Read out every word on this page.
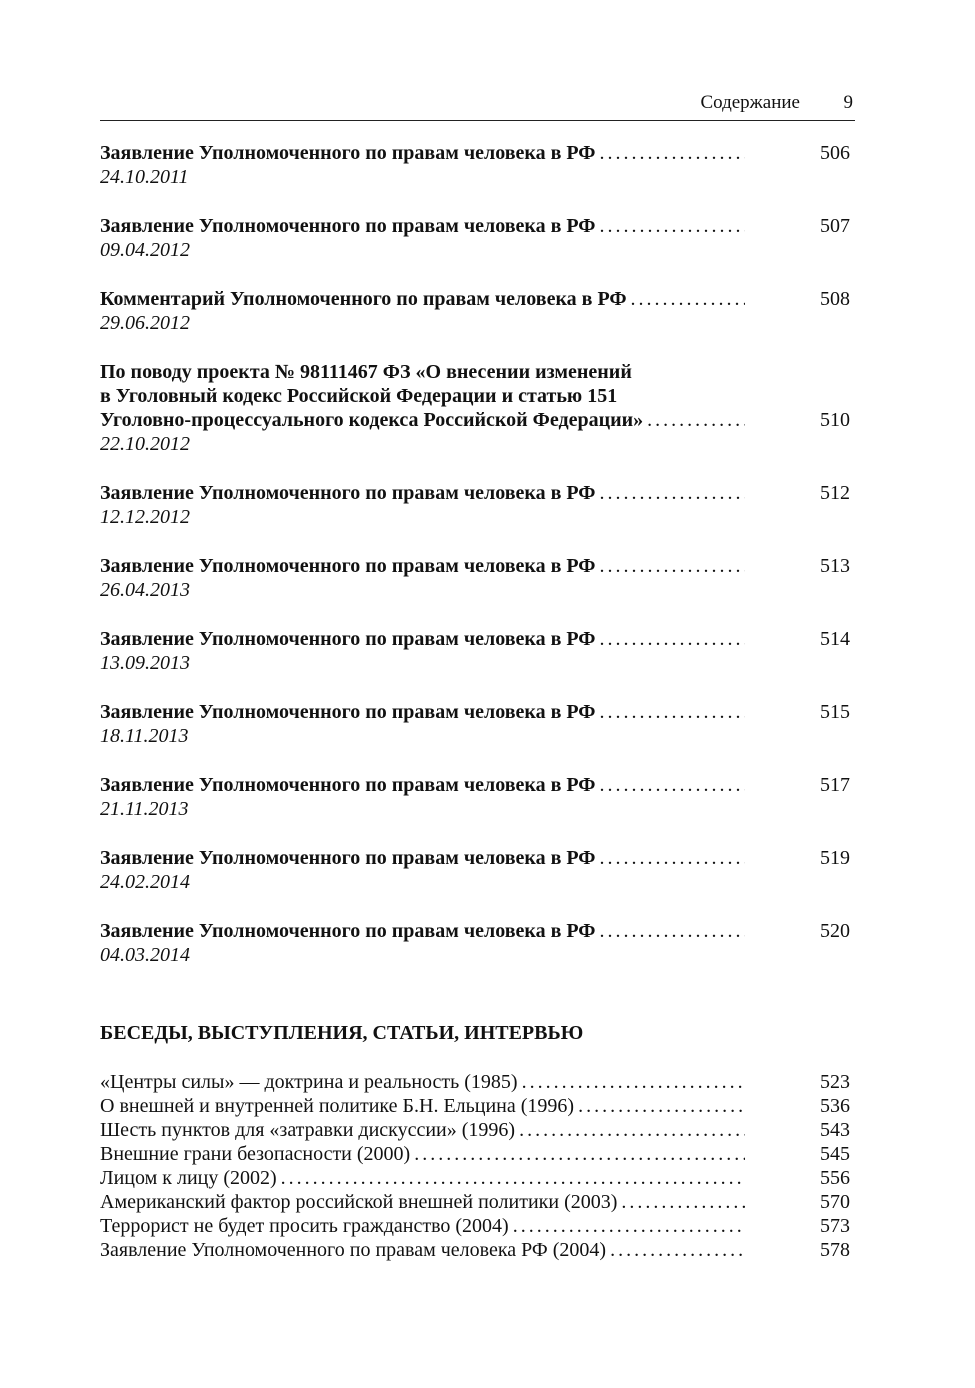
Содержание 9
Заявление Уполномоченного по правам человека в РФ .....	506
24.10.2011
Заявление Уполномоченного по правам человека в РФ .....	507
09.04.2012
Комментарий Уполномоченного по правам человека в РФ .....	508
29.06.2012
По поводу проекта № 98111467 ФЗ «О внесении изменений
в Уголовный кодекс Российской Федерации и статью 151
Уголовно-процессуального кодекса Российской Федерации» .....	510
22.10.2012
Заявление Уполномоченного по правам человека в РФ .....	512
12.12.2012
Заявление Уполномоченного по правам человека в РФ .....	513
26.04.2013
Заявление Уполномоченного по правам человека в РФ .....	514
13.09.2013
Заявление Уполномоченного по правам человека в РФ .....	515
18.11.2013
Заявление Уполномоченного по правам человека в РФ .....	517
21.11.2013
Заявление Уполномоченного по правам человека в РФ .....	519
24.02.2014
Заявление Уполномоченного по правам человека в РФ .....	520
04.03.2014
БЕСЕДЫ, ВЫСТУПЛЕНИЯ, СТАТЬИ, ИНТЕРВЬЮ
«Центры силы» — доктрина и реальность (1985) .....	523
О внешней и внутренней политике Б.Н. Ельцина (1996) .....	536
Шесть пунктов для «затравки дискуссии» (1996) .....	543
Внешние грани безопасности (2000) .....	545
Лицом к лицу (2002) .....	556
Американский фактор российской внешней политики (2003) .....	570
Террорист не будет просить гражданство (2004) .....	573
Заявление Уполномоченного по правам человека РФ (2004) .....	578
